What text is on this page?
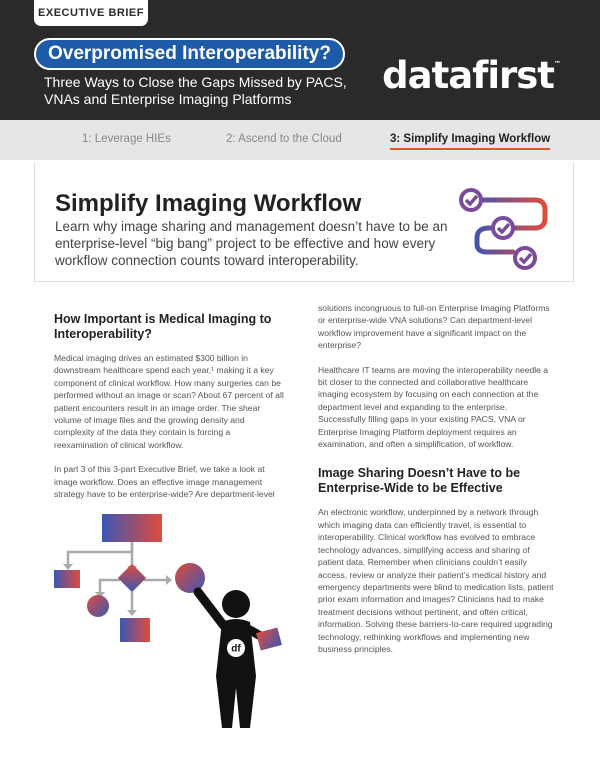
EXECUTIVE BRIEF
Overpromised Interoperability?
Three Ways to Close the Gaps Missed by PACS, VNAs and Enterprise Imaging Platforms
datafirst™
1: Leverage HIEs	2: Ascend to the Cloud	3: Simplify Imaging Workflow
Simplify Imaging Workflow
Learn why image sharing and management doesn’t have to be an enterprise-level “big bang” project to be effective and how every workflow connection counts toward interoperability.
How Important is Medical Imaging to Interoperability?

Medical imaging drives an estimated $300 billion in downstream healthcare spend each year,¹ making it a key component of clinical workflow. How many surgeries can be performed without an image or scan? About 67 percent of all patient encounters result in an image order. The shear volume of image files and the growing density and complexity of the data they contain is forcing a reexamination of clinical workflow.

In part 3 of this 3-part Executive Brief, we take a look at image workflow. Does an effective image management strategy have to be enterprise-wide? Are department-level

solutions incongruous to full-on Enterprise Imaging Platforms or enterprise-wide VNA solutions? Can department-level workflow improvement have a significant impact on the enterprise?

Healthcare IT teams are moving the interoperability needle a bit closer to the connected and collaborative healthcare imaging ecosystem by focusing on each connection at the department level and expanding to the enterprise. Successfully filling gaps in your existing PACS, VNA or Enterprise Imaging Platform deployment requires an examination, and often a simplification, of workflow.

Image Sharing Doesn’t Have to be Enterprise-Wide to be Effective

An electronic workflow, underpinned by a network through which imaging data can efficiently travel, is essential to interoperability. Clinical workflow has evolved to embrace technology advances, simplifying access and sharing of patient data. Remember when clinicians couldn’t easily access, review or analyze their patient’s medical history and emergency departments were blind to medication lists, patient prior exam information and images? Clinicians had to make treatment decisions without pertinent, and often critical, information. Solving these barriers-to-care required upgrading technology, rethinking workflows and implementing new business principles.

df
